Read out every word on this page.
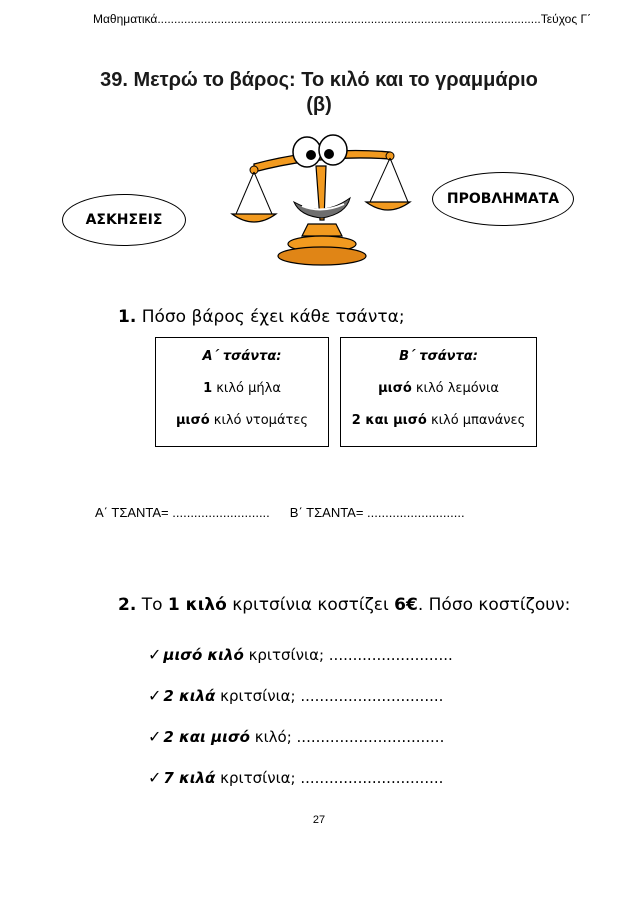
Μαθηματικά ................................................................................................................... Τεύχος Γ΄
39. Μετρώ το βάρος: Το κιλό και το γραμμάριο
(β)
ΑΣΚΗΣΕΙΣ
ΠΡΟΒΛΗΜΑΤΑ
1. Πόσο βάρος έχει κάθε τσάντα;
Α΄ τσάντα:
1 κιλό μήλα
μισό κιλό ντομάτες
Β΄ τσάντα:
μισό κιλό λεμόνια
2 και μισό κιλό μπανάνες
Α΄ ΤΣΑΝΤΑ= ........................... Β΄ ΤΣΑΝΤΑ= ...........................
2. Το 1 κιλό κριτσίνια κοστίζει 6€. Πόσο κοστίζουν:
✓ μισό κιλό κριτσίνια; ..........................
✓ 2 κιλά κριτσίνια; ..............................
✓ 2 και μισό κιλό; ...............................
✓ 7 κιλά κριτσίνια; ..............................
27
